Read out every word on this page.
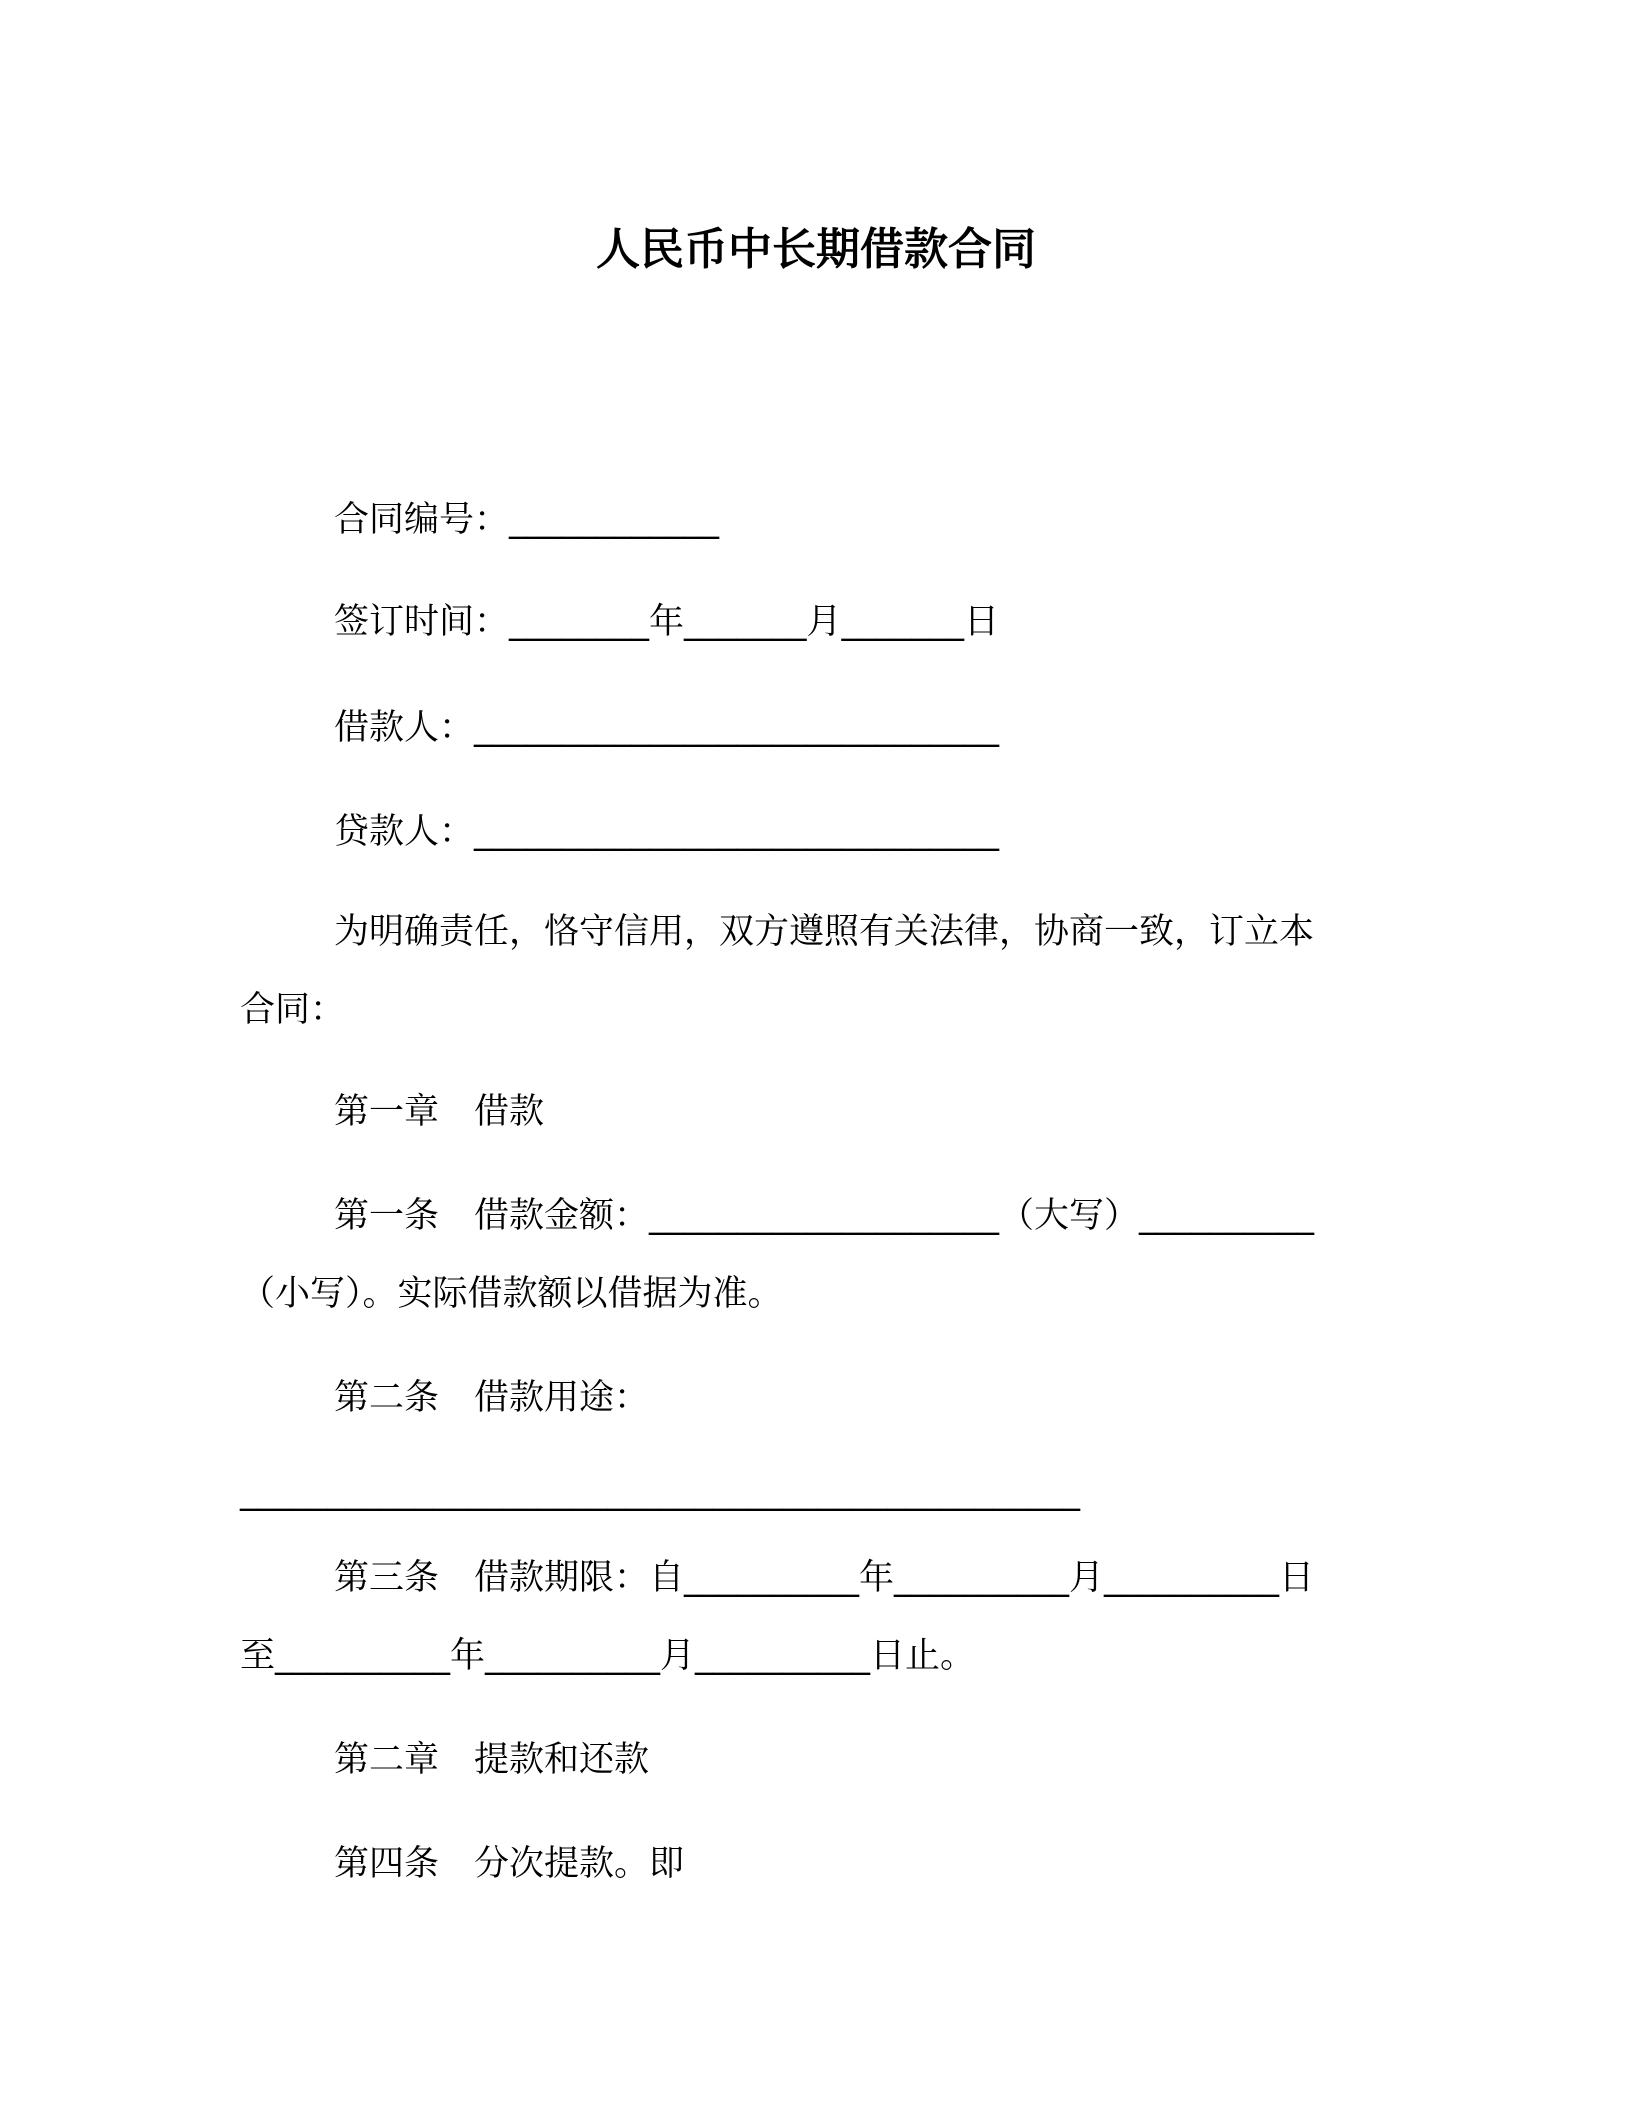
人民币中长期借款合同
合同编号：____________
签订时间：________年_______月_______日
借款人：______________________________
贷款人：______________________________
为明确责任，恪守信用，双方遵照有关法律，协商一致，订立本
合同：
第一章　借款
第一条　借款金额：____________________（大写）__________
（小写）。实际借款额以借据为准。
第二条　借款用途：
________________________________________________
第三条　借款期限：自__________年__________月__________日
至__________年__________月__________日止。
第二章　提款和还款
第四条　分次提款。即
